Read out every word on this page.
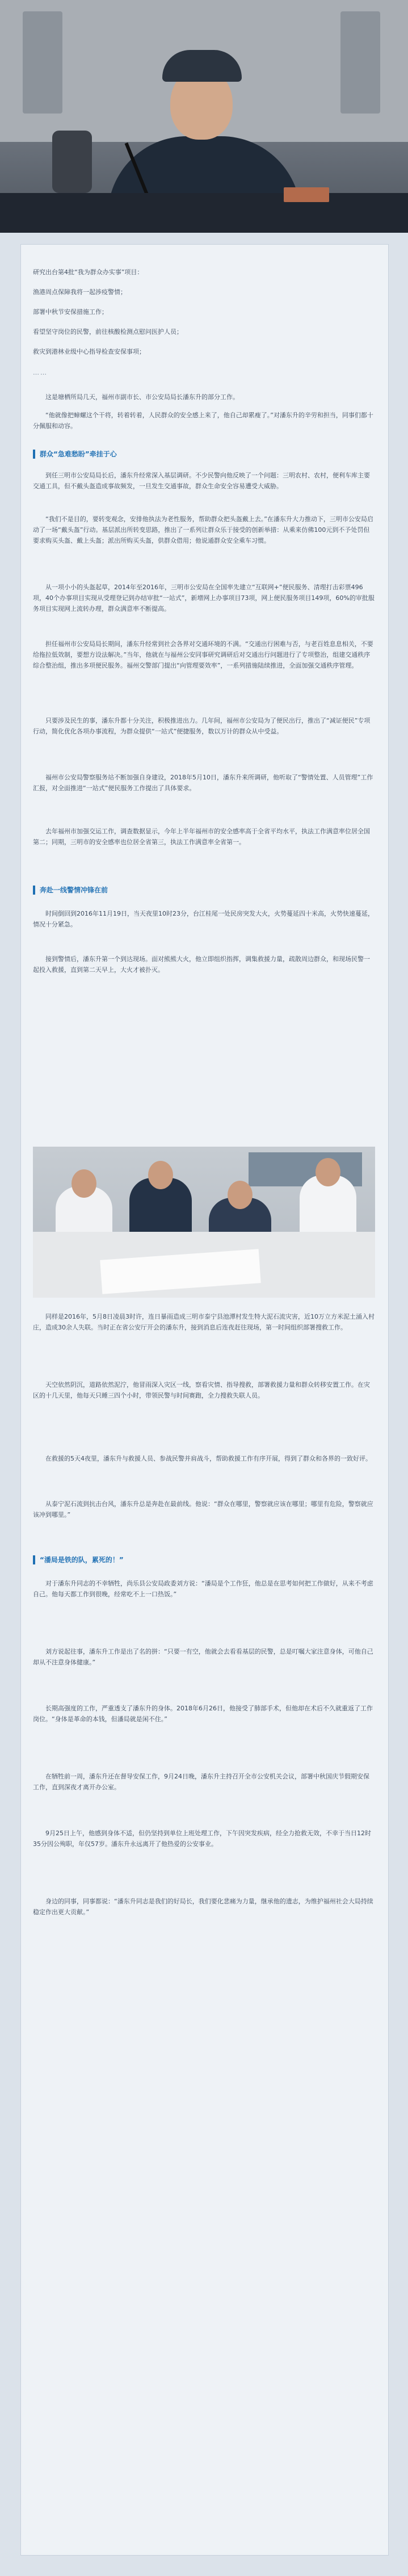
研究出台第4批“我为群众办实事”项目：

渔港周点保障我将一起涉疫警情；

部署中秋节安保措施工作；

看望坚守岗位的民警，前往核酸检测点慰问医护人员；

救灾到港林业级中心指导检查安保事项；

……

这是塘栖所局几天，福州市副市长、市公安局局长潘东升的部分工作。

“他就像把蟑螺这个干将，转着转着，人民群众的安全感上来了，他自己却累瘦了。”对潘东升的辛劳和担当，同事们都十分佩服和动容。

群众“急难愁盼”牵挂于心

到任三明市公安局局长后，潘东升经常深入基层调研。不少民警向他反映了一个问题：三明农村、农村，便利车库主要交通工具，但不戴头盔造成事故频发，一旦发生交通事故，群众生命安全容易遭受大威胁。

“我们不是目的，要转变观念，安排他执法为老性服务，帮助群众把头盔戴上去。”在潘东升大力推动下，三明市公安局启动了一场“戴头盔”行动。基层派出所转变思路，推出了一系列让群众乐于接受的创新举措：从乘来仿佛100元到不予处罚但要求购买头盔、戴上头盔；派出所购买头盔，供群众借用；他说通群众安全乘车习惯。

从一项小小的头盔起草，2014年至2016年，三明市公安局在全国率先建立“互联网+”便民服务、清理打击彩票496项，40个办事项目实现从受理登记到办结审批“一站式”，新增网上办事项目73项，网上便民服务项目149项，60%的审批服务项目实现网上流转办理，群众满意率不断提高。

担任福州市公安局局长期间，潘东升经常到社会各界对交通环境的不满。“交通出行困难与否，与老百姓息息相关，不要给拖拉低效制，要想方设法解决。”当年，他就在与福州公安同事研究调研后对交通出行问题进行了专项整治，组建交通秩序综合整治组，推出多项便民服务。福州交警部门提出“向管理要效率”，一系列措施陆续推进，全面加强交通秩序管理。

只要涉及民生的事，潘东升都十分关注，积极推进出力。几年间，福州市公安局为了便民出行，推出了“减证便民”专项行动，简化优化各项办事流程，为群众提供“一站式”便捷服务，数以万计的群众从中受益。

福州市公安局警察服务站不断加强自身建设，2018年5月10日，潘东升来所调研，他听取了“警情处置、人员管理”工作汇报，对全面推进“一站式”便民服务工作提出了具体要求。

去年福州市加强交运工作，调查数据显示，今年上半年福州市的安全感率高于全省平均水平，执法工作满意率位居全国第二；同期，三明市的安全感率也位居全省第三，执法工作满意率全省第一。

奔赴一线警情冲锋在前

时间倒回到2016年11月19日，当天夜里10时23分，台江桂尾一处民房突发大火，火势蔓延四十米高，火势快速蔓延，情况十分紧急。

接到警情后，潘东升第一个到达现场。面对熊熊大火，他立即组织指挥，调集救援力量，疏散周边群众，和现场民警一起投入救援，直到第二天早上，大火才被扑灭。

同样是2016年，5月8日凌晨3时许，连日暴雨造成三明市泰宁县池潭村发生特大泥石流灾害，近10万立方米泥土涌入村庄，造成30余人失联。当时正在省公安厅开会的潘东升，接到消息后连夜赶往现场，第一时间组织部署搜救工作。

天空依然阴沉，道路依然泥泞，他冒雨深入灾区一线，察看灾情、指导搜救，部署救援力量和群众转移安置工作。在灾区的十几天里，他每天只睡三四个小时，带领民警与时间赛跑，全力搜救失联人员。

在救援的5天4夜里，潘东升与救援人员、参战民警并肩战斗，帮助救援工作有序开展，得到了群众和各界的一致好评。

从泰宁泥石流到抗击台风，潘东升总是奔赴在最前线。他说：“群众在哪里，警察就应该在哪里；哪里有危险，警察就应该冲到哪里。”

“潘局是铁的队，累死的！”

对于潘东升同志的不幸牺牲，尚乐县公安局政委刘方说：“潘局是个工作狂，他总是在思考如何把工作做好，从来不考虑自己。他每天都工作到很晚，经常吃不上一口热饭。”

刘方说起往事，潘东升工作是出了名的拼：“只要一有空，他就会去看看基层的民警，总是叮嘱大家注意身体，可他自己却从不注意身体健康。”

长期高强度的工作，严重透支了潘东升的身体。2018年6月26日，他接受了肺部手术，但他却在术后不久就重返了工作岗位。“身体是革命的本钱，但潘局就是闲不住。”

在牺牲前一周，潘东升还在督导安保工作，9月24日晚，潘东升主持召开全市公安机关会议，部署中秋国庆节假期安保工作，直到深夜才离开办公室。

9月25日上午，他感到身体不适，但仍坚持到单位上班处理工作，下午因突发疾病，经全力抢救无效，不幸于当日12时35分因公殉职，年仅57岁。潘东升永远离开了他热爱的公安事业。

身边的同事，同事都说：“潘东升同志是我们的好局长，我们要化悲痛为力量，继承他的遗志，为维护福州社会大局持续稳定作出更大贡献。”
